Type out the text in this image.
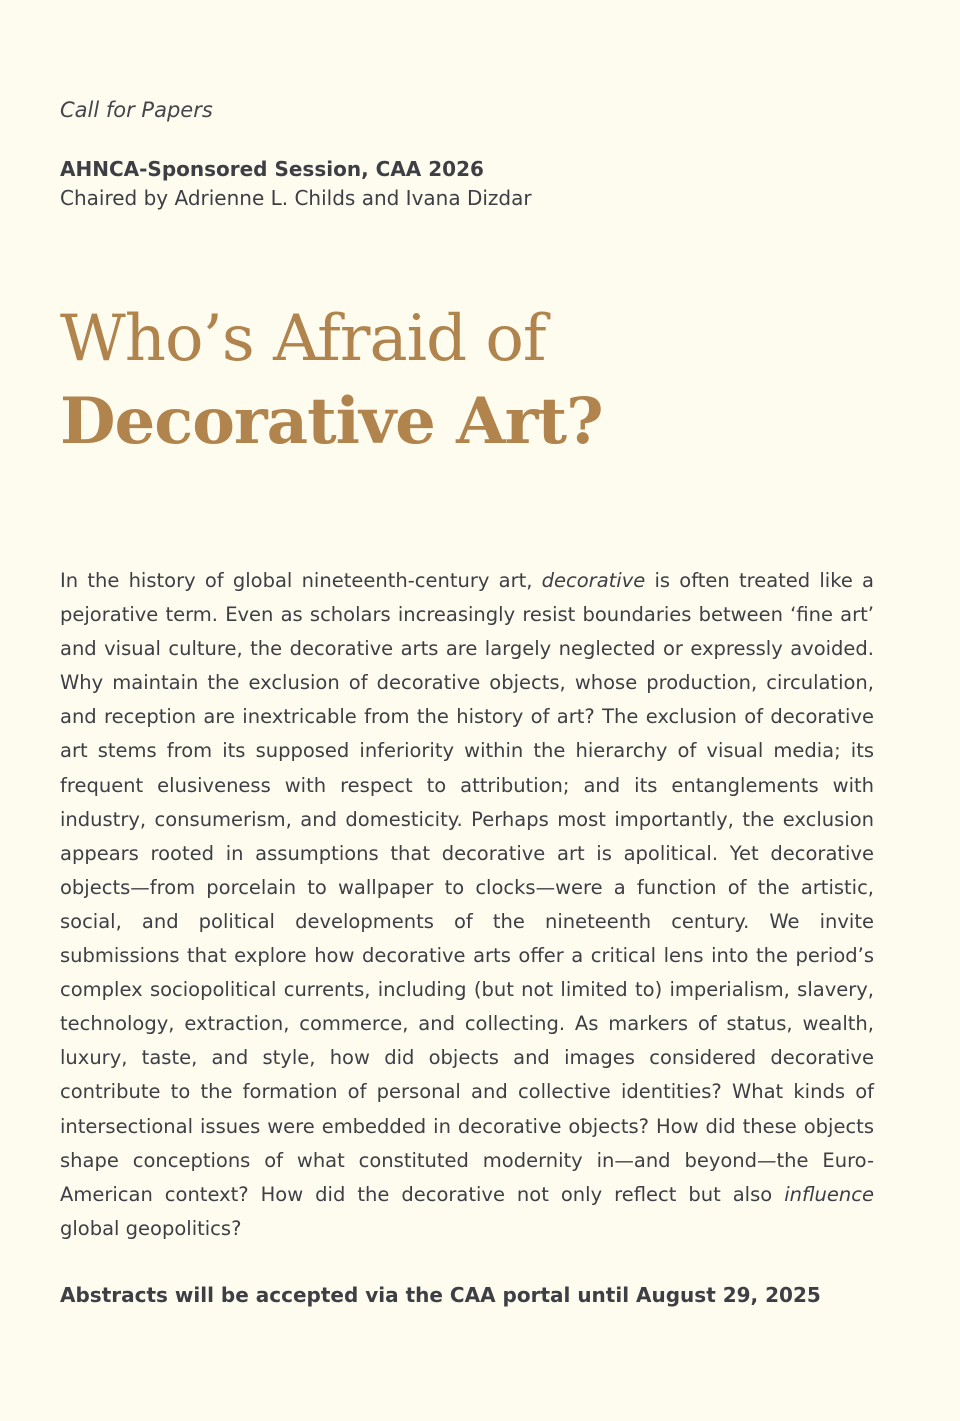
Call for Papers

AHNCA-Sponsored Session, CAA 2026
Chaired by Adrienne L. Childs and Ivana Dizdar

Who’s Afraid of
Decorative Art?

In the history of global nineteenth-century art, decorative is often treated like a pejorative term. Even as scholars increasingly resist boundaries between ‘fine art’ and visual culture, the decorative arts are largely neglected or expressly avoided. Why maintain the exclusion of decorative objects, whose production, circulation, and reception are inextricable from the history of art? The exclusion of decorative art stems from its supposed inferiority within the hierarchy of visual media; its frequent elusiveness with respect to attribution; and its entanglements with industry, consumerism, and domesticity. Perhaps most importantly, the exclusion appears rooted in assumptions that decorative art is apolitical. Yet decorative objects—from porcelain to wallpaper to clocks—were a function of the artistic, social, and political developments of the nineteenth century. We invite submissions that explore how decorative arts offer a critical lens into the period’s complex sociopolitical currents, including (but not limited to) imperialism, slavery, technology, extraction, commerce, and collecting. As markers of status, wealth, luxury, taste, and style, how did objects and images considered decorative contribute to the formation of personal and collective identities? What kinds of intersectional issues were embedded in decorative objects? How did these objects shape conceptions of what constituted modernity in—and beyond—the Euro-American context? How did the decorative not only reflect but also influence global geopolitics?

Abstracts will be accepted via the CAA portal until August 29, 2025
